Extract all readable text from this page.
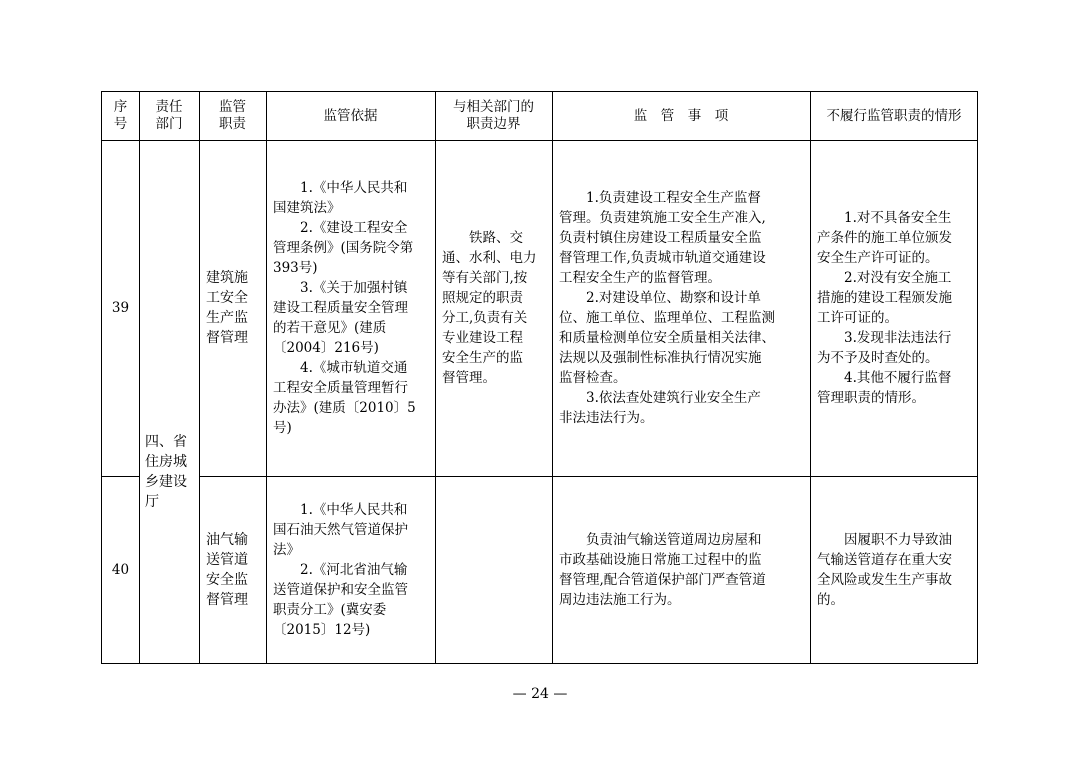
序
号
责任
部门
监管
职责
监管依据
与相关部门的
职责边界
监　管　事　项	不履行监管职责的情形
四、省
住房城
乡建设
厅
39
建筑施
工安全
生产监
督管理
　　1.《中华人民共和
国建筑法》
　　2.《建设工程安全
管理条例》(国务院令第
393号)
　　3.《关于加强村镇
建设工程质量安全管理
的若干意见》(建质
〔2004〕216号)
　　4.《城市轨道交通
工程安全质量管理暂行
办法》(建质〔2010〕5
号)
　　铁路、交
通、水利、电力
等有关部门,按
照规定的职责
分工,负责有关
专业建设工程
安全生产的监
督管理。
　　1.负责建设工程安全生产监督
管理。负责建筑施工安全生产准入,
负责村镇住房建设工程质量安全监
督管理工作,负责城市轨道交通建设
工程安全生产的监督管理。
　　2.对建设单位、勘察和设计单
位、施工单位、监理单位、工程监测
和质量检测单位安全质量相关法律、
法规以及强制性标准执行情况实施
监督检查。
　　3.依法查处建筑行业安全生产
非法违法行为。
　　1.对不具备安全生
产条件的施工单位颁发
安全生产许可证的。
　　2.对没有安全施工
措施的建设工程颁发施
工许可证的。
　　3.发现非法违法行
为不予及时查处的。
　　4.其他不履行监督
管理职责的情形。
40
油气输
送管道
安全监
督管理
　　1.《中华人民共和
国石油天然气管道保护
法》
　　2.《河北省油气输
送管道保护和安全监管
职责分工》(冀安委
〔2015〕12号)
　　负责油气输送管道周边房屋和
市政基础设施日常施工过程中的监
督管理,配合管道保护部门严查管道
周边违法施工行为。
　　因履职不力导致油
气输送管道存在重大安
全风险或发生生产事故
的。
— 24 —
